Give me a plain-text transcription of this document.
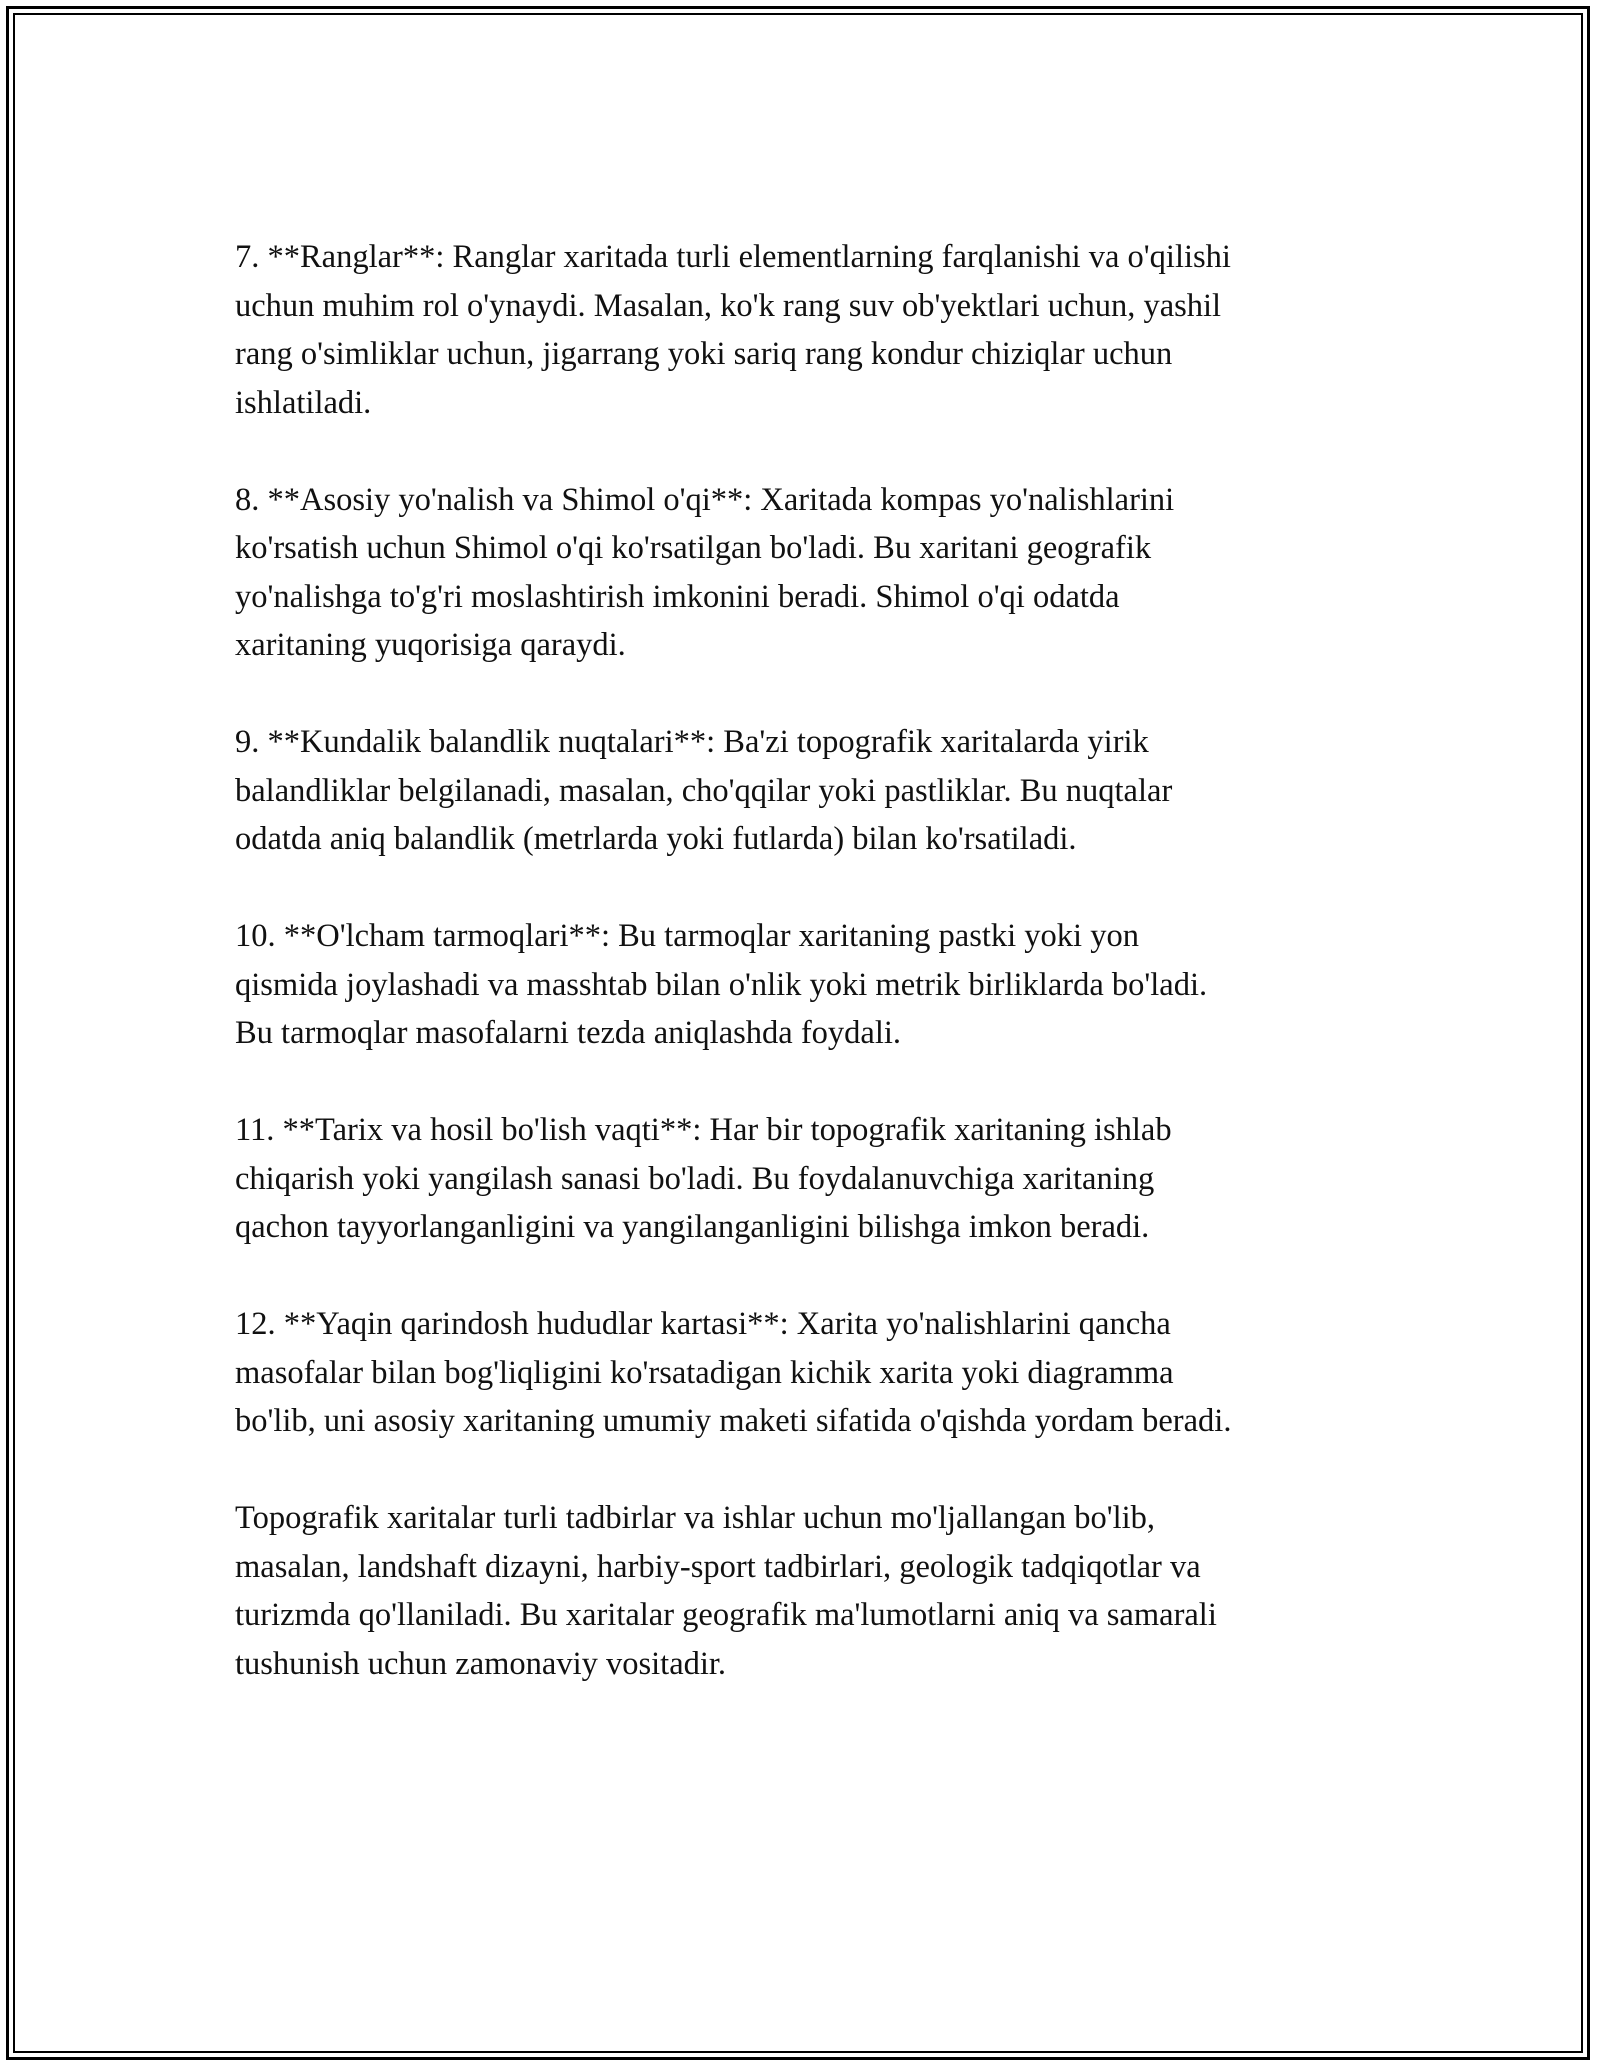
7. **Ranglar**: Ranglar xaritada turli elementlarning farqlanishi va o'qilishi
uchun muhim rol o'ynaydi. Masalan, ko'k rang suv ob'yektlari uchun, yashil
rang o'simliklar uchun, jigarrang yoki sariq rang kondur chiziqlar uchun
ishlatiladi.

8. **Asosiy yo'nalish va Shimol o'qi**: Xaritada kompas yo'nalishlarini
ko'rsatish uchun Shimol o'qi ko'rsatilgan bo'ladi. Bu xaritani geografik
yo'nalishga to'g'ri moslashtirish imkonini beradi. Shimol o'qi odatda
xaritaning yuqorisiga qaraydi.

9. **Kundalik balandlik nuqtalari**: Ba'zi topografik xaritalarda yirik
balandliklar belgilanadi, masalan, cho'qqilar yoki pastliklar. Bu nuqtalar
odatda aniq balandlik (metrlarda yoki futlarda) bilan ko'rsatiladi.

10. **O'lcham tarmoqlari**: Bu tarmoqlar xaritaning pastki yoki yon
qismida joylashadi va masshtab bilan o'nlik yoki metrik birliklarda bo'ladi.
Bu tarmoqlar masofalarni tezda aniqlashda foydali.

11. **Tarix va hosil bo'lish vaqti**: Har bir topografik xaritaning ishlab
chiqarish yoki yangilash sanasi bo'ladi. Bu foydalanuvchiga xaritaning
qachon tayyorlanganligini va yangilanganligini bilishga imkon beradi.

12. **Yaqin qarindosh hududlar kartasi**: Xarita yo'nalishlarini qancha
masofalar bilan bog'liqligini ko'rsatadigan kichik xarita yoki diagramma
bo'lib, uni asosiy xaritaning umumiy maketi sifatida o'qishda yordam beradi.

Topografik xaritalar turli tadbirlar va ishlar uchun mo'ljallangan bo'lib,
masalan, landshaft dizayni, harbiy-sport tadbirlari, geologik tadqiqotlar va
turizmda qo'llaniladi. Bu xaritalar geografik ma'lumotlarni aniq va samarali
tushunish uchun zamonaviy vositadir.
